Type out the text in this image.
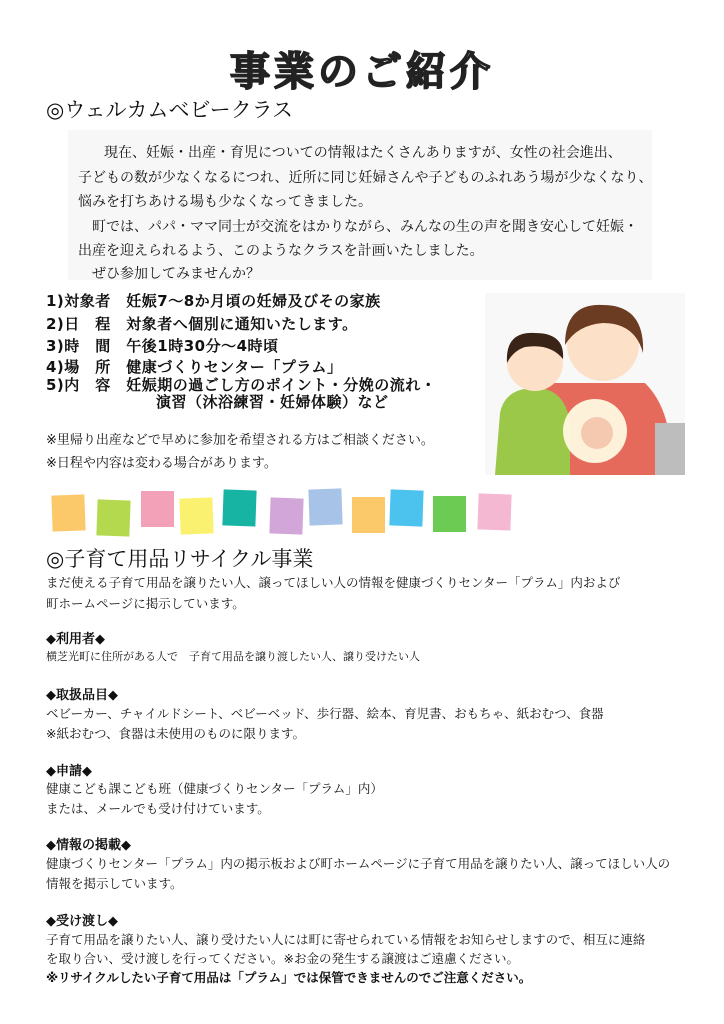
事業のご紹介
◎ウェルカムベビークラス

　現在、妊娠・出産・育児についての情報はたくさんありますが、女性の社会進出、

子どもの数が少なくなるにつれ、近所に同じ妊婦さんや子どものふれあう場が少なくなり、

悩みを打ちあける場も少なくなってきました。

　町では、パパ・ママ同士が交流をはかりながら、みんなの生の声を聞き安心して妊娠・

出産を迎えられるよう、このようなクラスを計画いたしました。

　ぜひ参加してみませんか？

1)対象者　妊娠7～8か月頃の妊婦及びその家族
2)日　程　対象者へ個別に通知いたします。
3)時　間　午後1時30分～4時頃
4)場　所　健康づくりセンター「プラム」
5)内　容　妊娠期の過ごし方のポイント・分娩の流れ・
演習（沐浴練習・妊婦体験）など
※里帰り出産などで早めに参加を希望される方はご相談ください。
※日程や内容は変わる場合があります。
◎子育て用品リサイクル事業
まだ使える子育て用品を譲りたい人、譲ってほしい人の情報を健康づくりセンター「プラム」内および
町ホームページに掲示しています。
◆利用者◆
横芝光町に住所がある人で　子育て用品を譲り渡したい人、譲り受けたい人
◆取扱品目◆
ベビーカー、チャイルドシート、ベビーベッド、歩行器、絵本、育児書、おもちゃ、紙おむつ、食器
※紙おむつ、食器は未使用のものに限ります。
◆申請◆
健康こども課こども班（健康づくりセンター「プラム」内）
または、メールでも受け付けています。
◆情報の掲載◆
健康づくりセンター「プラム」内の掲示板および町ホームページに子育て用品を譲りたい人、譲ってほしい人の
情報を掲示しています。
◆受け渡し◆
子育て用品を譲りたい人、譲り受けたい人には町に寄せられている情報をお知らせしますので、相互に連絡
を取り合い、受け渡しを行ってください。※お金の発生する譲渡はご遠慮ください。
※リサイクルしたい子育て用品は「プラム」では保管できませんのでご注意ください。
